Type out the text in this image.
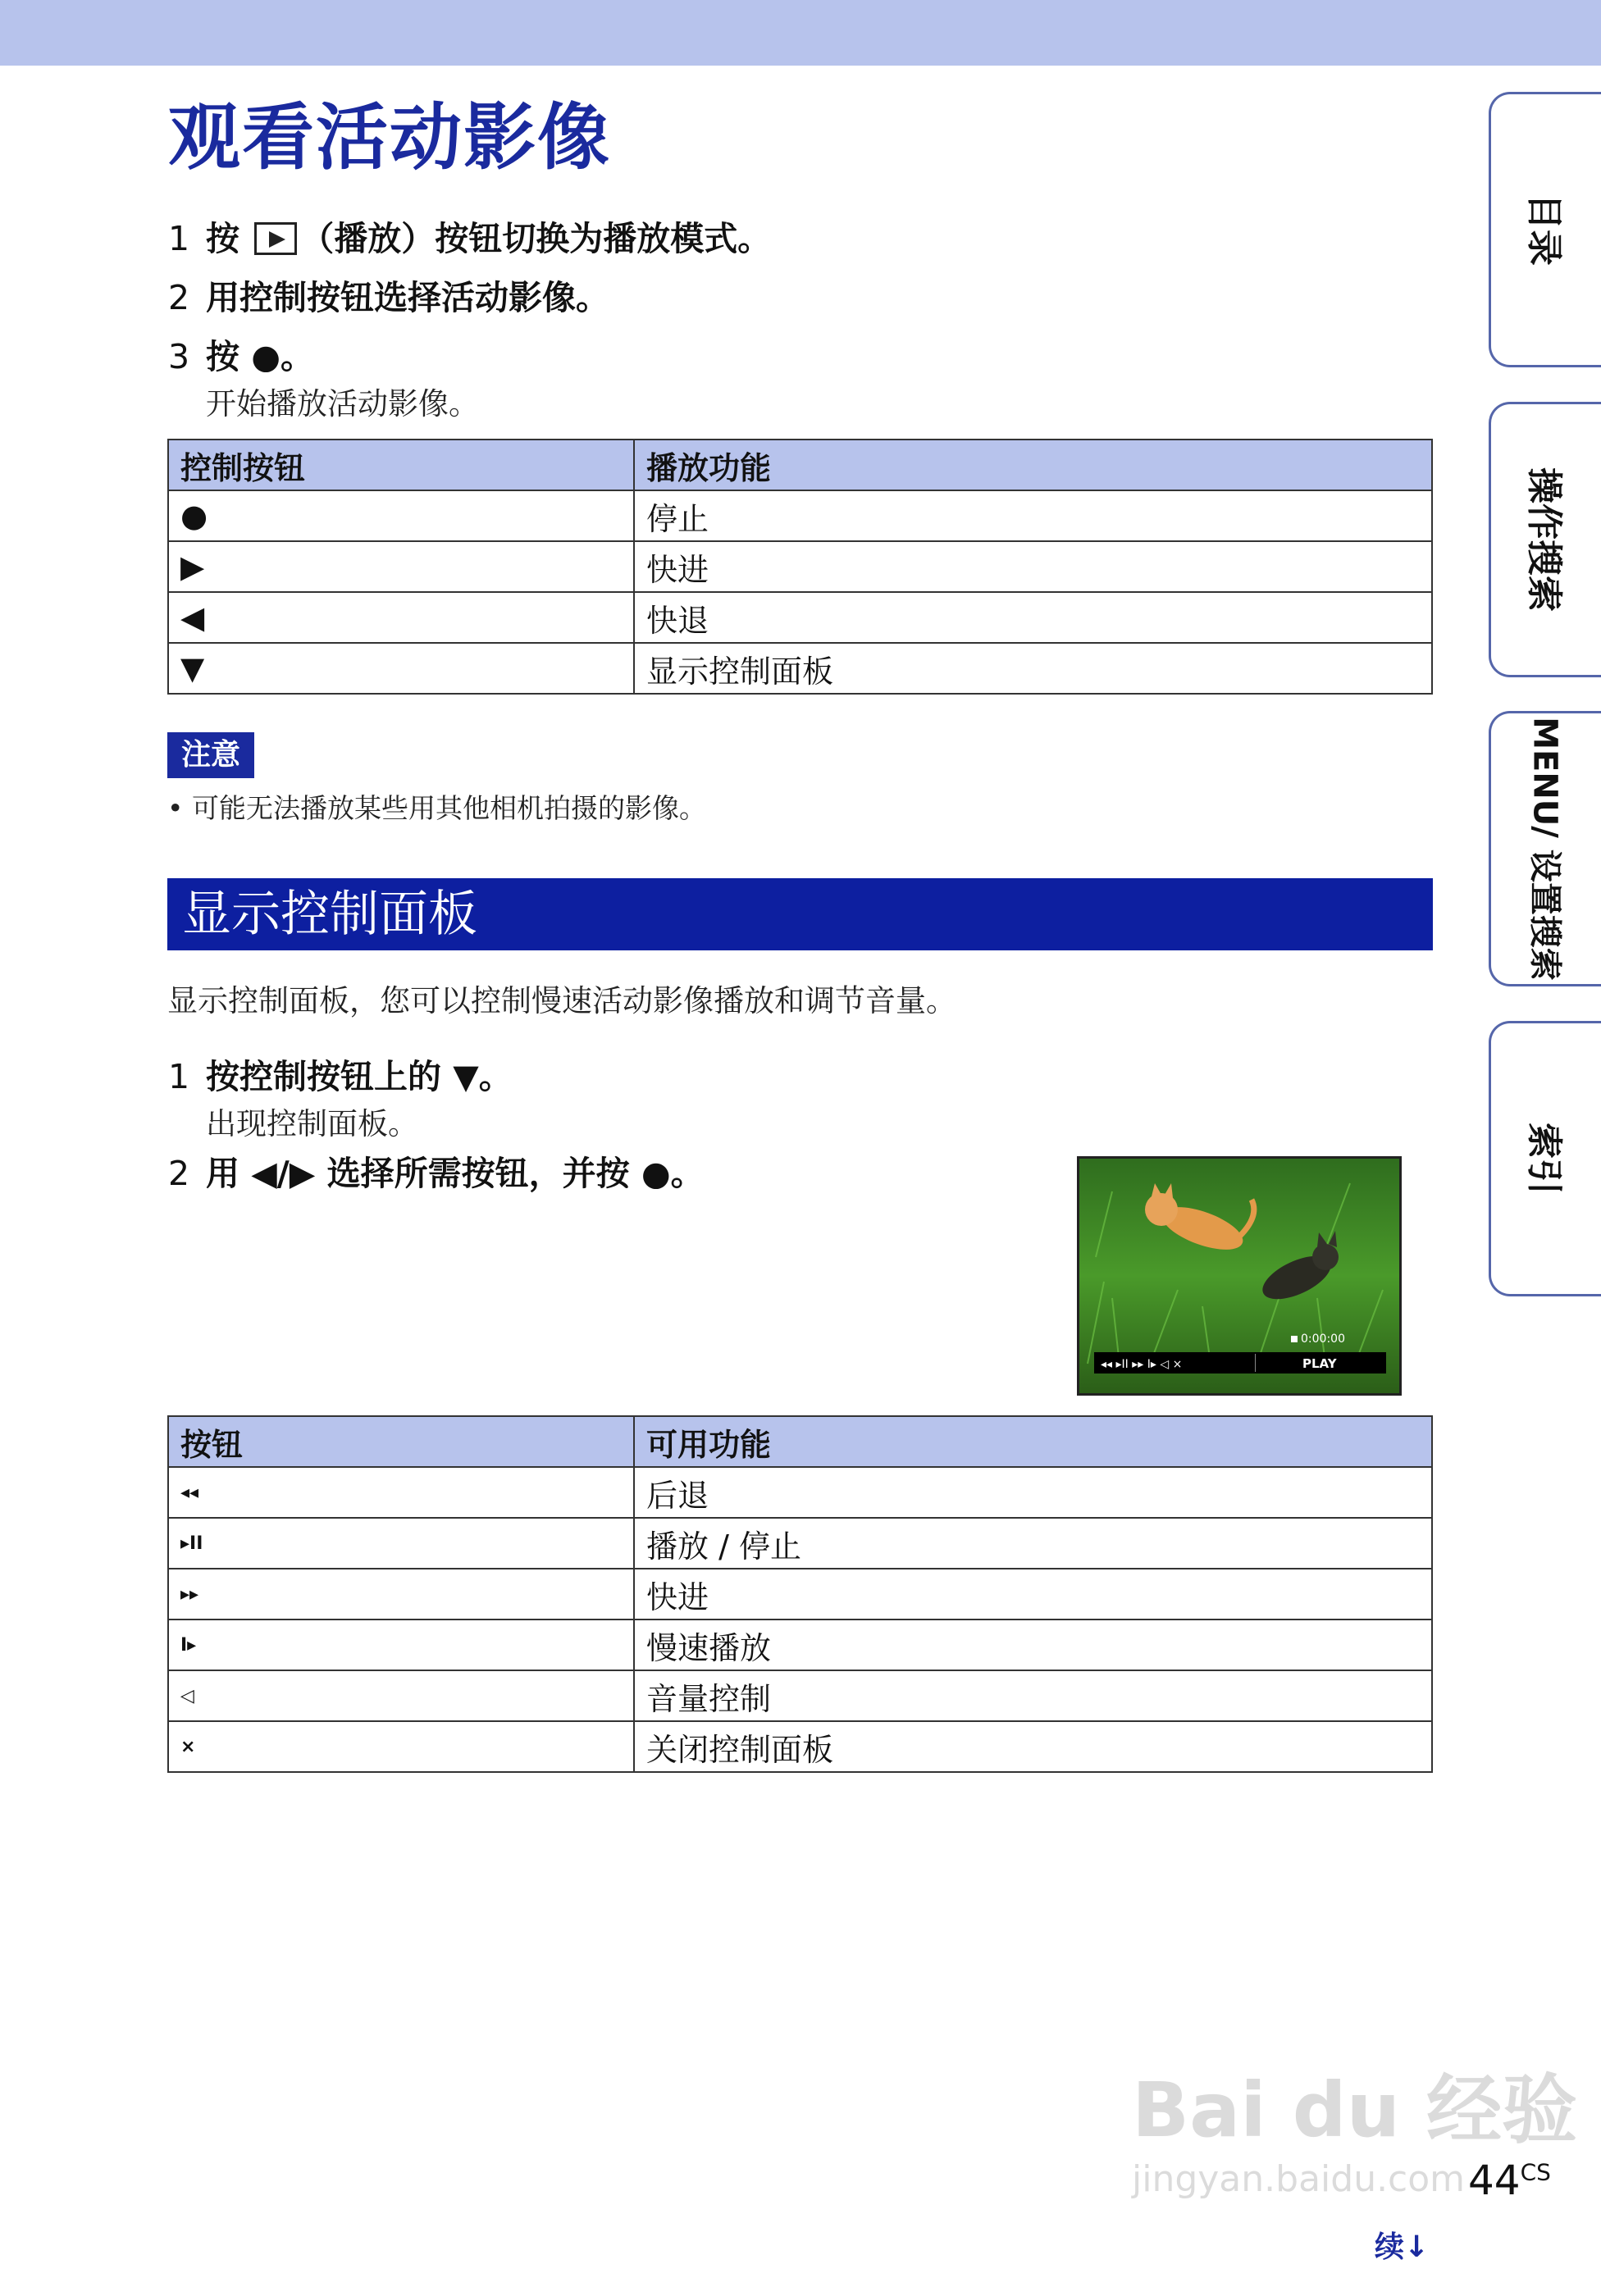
观看活动影像
1 按 （播放）按钮切换为播放模式。
2 用控制按钮选择活动影像。
3 按 ●。
开始播放活动影像。
控制按钮	播放功能
●	停止
▶	快进
◀	快退
▼	显示控制面板
注意
• 可能无法播放某些用其他相机拍摄的影像。
显示控制面板
显示控制面板，您可以控制慢速活动影像播放和调节音量。
1 按控制按钮上的 ▼。
出现控制面板。
2 用 ◀/▶ 选择所需按钮，并按 ●。
0:00:00
◂◂ ▸II ▸▸ I▸ ◁ ×	PLAY
按钮	可用功能
◂◂	后退
▸II	播放 / 停止
▸▸	快进
I▸	慢速播放
◁	音量控制
×	关闭控制面板
目录
操作搜索
MENU/ 设置搜索
索引
Bai du 经验
jingyan.baidu.com $44^{CS}$
续↓
